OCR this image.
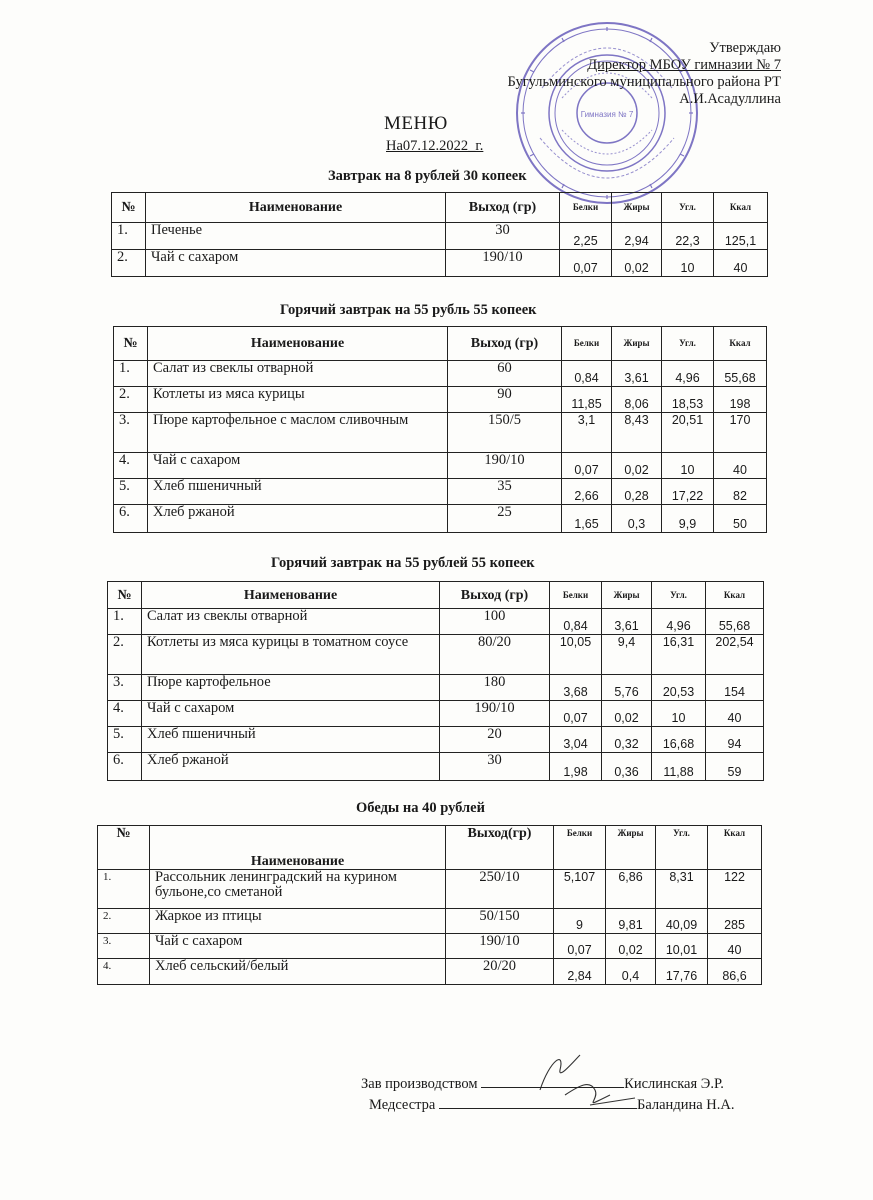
Гимназия № 7
Утверждаю
Директор МБОУ гимназии № 7
Бугульминского муниципального района РТ
А.И.Асадуллина
МЕНЮ
На07.12.2022_г.
Завтрак на 8 рублей 30 копеек
№	Наименование	Выход (гр)	Белки	Жиры	Угл.	Ккал
1.	Печенье	30	2,25	2,94	22,3	125,1
2.	Чай с сахаром	190/10	0,07	0,02	10	40
Горячий завтрак на 55 рубль 55 копеек
№	Наименование	Выход (гр)	Белки	Жиры	Угл.	Ккал
1.	Салат из свеклы отварной	60	0,84	3,61	4,96	55,68
2.	Котлеты из мяса курицы	90	11,85	8,06	18,53	198
3.	Пюре картофельное с маслом сливочным	150/5	3,1	8,43	20,51	170
4.	Чай с сахаром	190/10	0,07	0,02	10	40
5.	Хлеб пшеничный	35	2,66	0,28	17,22	82
6.	Хлеб ржаной	25	1,65	0,3	9,9	50
Горячий завтрак на 55 рублей 55 копеек
№	Наименование	Выход (гр)	Белки	Жиры	Угл.	Ккал
1.	Салат из свеклы отварной	100	0,84	3,61	4,96	55,68
2.	Котлеты из мяса курицы в томатном соусе	80/20	10,05	9,4	16,31	202,54
3.	Пюре картофельное	180	3,68	5,76	20,53	154
4.	Чай с сахаром	190/10	0,07	0,02	10	40
5.	Хлеб пшеничный	20	3,04	0,32	16,68	94
6.	Хлеб ржаной	30	1,98	0,36	11,88	59
Обеды на 40 рублей
№	Наименование	Выход(гр)	Белки	Жиры	Угл.	Ккал
1.	Рассольник ленинградский на курином бульоне,со сметаной	250/10	5,107	6,86	8,31	122
2.	Жаркое из птицы	50/150	9	9,81	40,09	285
3.	Чай с сахаром	190/10	0,07	0,02	10,01	40
4.	Хлеб сельский/белый	20/20	2,84	0,4	17,76	86,6
Зав производством	Кислинская Э.Р.
Медсестра	Баландина Н.А.
